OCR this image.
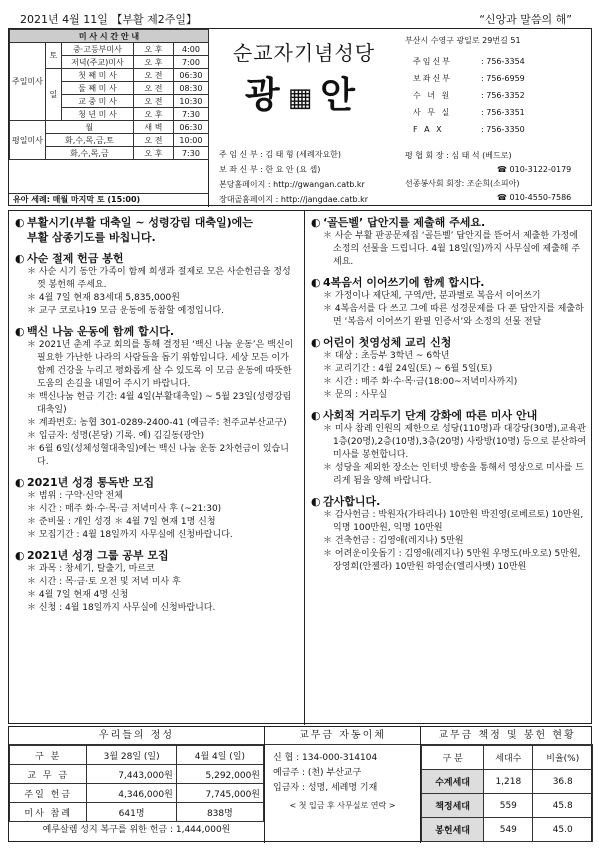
2021년 4월 11일 【부활 제2주일】	“신앙과 말씀의 해”
미 사 시 간 안 내				
주일미사	토	중·고등부미사	오 후	4:00
		저녁(주교)미사	오 후	7:00
	일	첫 째 미 사	오 전	06:30
		둘 째 미 사	오 전	08:30
		교 중 미 사	오 전	10:30
		청 년 미 사	오 후	7:30
평일미사	월		새 벽	06:30
	화,수,목,금,토		오 전	10:00
	화,수,목,금		오 후	7:30
유아 세례: 매월 마지막 토 (15:00)
순교자기념성당
광▦안
주 임 신 부 : 김 태 형 (세례자요한)
보 좌 신 부 : 한 요 안 (요 셉)
본당홈페이지 : http://gwangan.catb.kr
장대골홈페이지 : http://jangdae.catb.kr
부산시 수영구 광일로 29번길 51
주임신부	: 756-3354
보좌신부	: 756-6959
수 녀 원	: 756-3352
사 무 실	: 756-3351
F A X	: 756-3350
평 협 회 장 : 심 태 석 (베드로)
☎ 010-3122-0179
선종봉사회 회장: 조순희(소피아)
☎ 010-4550-7586
◐ 부활시기(부활 대축일 ~ 성령강림 대축일)에는
부활 삼종기도를 바칩니다.
◐ 사순 절제 헌금 봉헌
＊ 사순 시기 동안 가족이 함께 희생과 절제로 모은 사순헌금을 정성껏 봉헌해 주세요.
＊ 4월 7일 현재 83세대 5,835,000원
＊ 교구 코로나19 모금 운동에 동참할 예정입니다.
◐ 백신 나눔 운동에 함께 합시다.
＊ 2021년 춘계 주교 회의를 통해 결정된 ‘백신 나눔 운동’은 백신이 필요한 가난한 나라의 사람들을 돕기 위함입니다. 세상 모든 이가 함께 건강을 누리고 평화롭게 살 수 있도록 이 모금 운동에 따뜻한 도움의 손길을 내밀어 주시기 바랍니다.
＊ 백신나눔 헌금 기간: 4월 4일(부활대축일) ~ 5월 23일(성령강림대축일)
＊ 계좌번호: 농협 301-0289-2400-41 (예금주: 천주교부산교구)
＊ 입금자: 성명(본당) 기록. 예) 김길동(광안)
＊ 6월 6일(성체성혈대축일)에는 백신 나눔 운동 2차헌금이 있습니다.
◐ 2021년 성경 통독반 모집
＊ 범위 : 구약·신약 전체
＊ 시간 : 매주 화·수·목·금 저녁미사 후 (~21:30)
＊ 준비물 : 개인 성경 ＊ 4월 7일 현재 1명 신청
＊ 모집기간 : 4월 18일까지 사무실에 신청바랍니다.
◐ 2021년 성경 그룹 공부 모집
＊ 과목 : 창세기, 탈출기, 마르코
＊ 시간 : 목·금·토 오전 및 저녁 미사 후
＊ 4월 7일 현재 4명 신청
＊ 신청 : 4월 18일까지 사무실에 신청바랍니다.
◐ ‘골든벨’ 답안지를 제출해 주세요.
＊ 사순 부활 판공문제집 ‘골든벨’ 답안지를 뜯어서 제출한 가정에 소정의 선물을 드립니다. 4월 18일(일)까지 사무실에 제출해 주세요.
◐ 4복음서 이어쓰기에 함께 합시다.
＊ 가정이나 제단체, 구역/반, 분과별로 복음서 이어쓰기
＊ 4복음서를 다 쓰고 그에 따른 성경문제를 다 푼 답안지를 제출하면 ‘복음서 이어쓰기 완필 인증서’와 소정의 선물 전달
◐ 어린이 첫영성체 교리 신청
＊ 대상 : 초등부 3학년 ~ 6학년
＊ 교리기간 : 4월 24일(토) ~ 6월 5일(토)
＊ 시간 : 매주 화·수·목·금(18:00~저녁미사까지)
＊ 문의 : 사무실
◐ 사회적 거리두기 단계 강화에 따른 미사 안내
＊ 미사 참례 인원의 제한으로 성당(110명)과 대강당(30명),교육관1층(20명),2층(10명),3층(20명) 사랑방(10명) 등으로 분산하여 미사를 봉헌합니다.
＊ 성당을 제외한 장소는 인터넷 방송을 통해서 영상으로 미사를 드리게 됨을 양해 바랍니다.
◐ 감사합니다.
＊ 감사헌금 : 박원자(가타리나) 10만원 박진영(로베르토) 10만원, 익명 100만원, 익명 10만원
＊ 건축헌금 : 김영애(레지나) 5만원
＊ 어려운이웃돕기 : 김영애(레지나) 5만원 우명도(바오로) 5만원, 장영희(안젤라) 10만원 하영순(엘리사벳) 10만원
우리들의 정성
구 분	3월 28일 (일)	4월 4일 (일)
교 무 금	7,443,000원	5,292,000원
주일 헌금	4,346,000원	7,745,000원
미사 참례	641명	838명
예루살렘 성지 복구를 위한 헌금 : 1,444,000원
교무금 자동이체
신 협 : 134-000-314104
예금주 : (천) 부산교구
입금자 : 성명, 세례명 기재
< 첫 입금 후 사무실로 연락 >
교무금 책정 및 봉헌 현황
구 분	세대수	비율(%)
수계세대	1,218	36.8
책정세대	559	45.8
봉헌세대	549	45.0
